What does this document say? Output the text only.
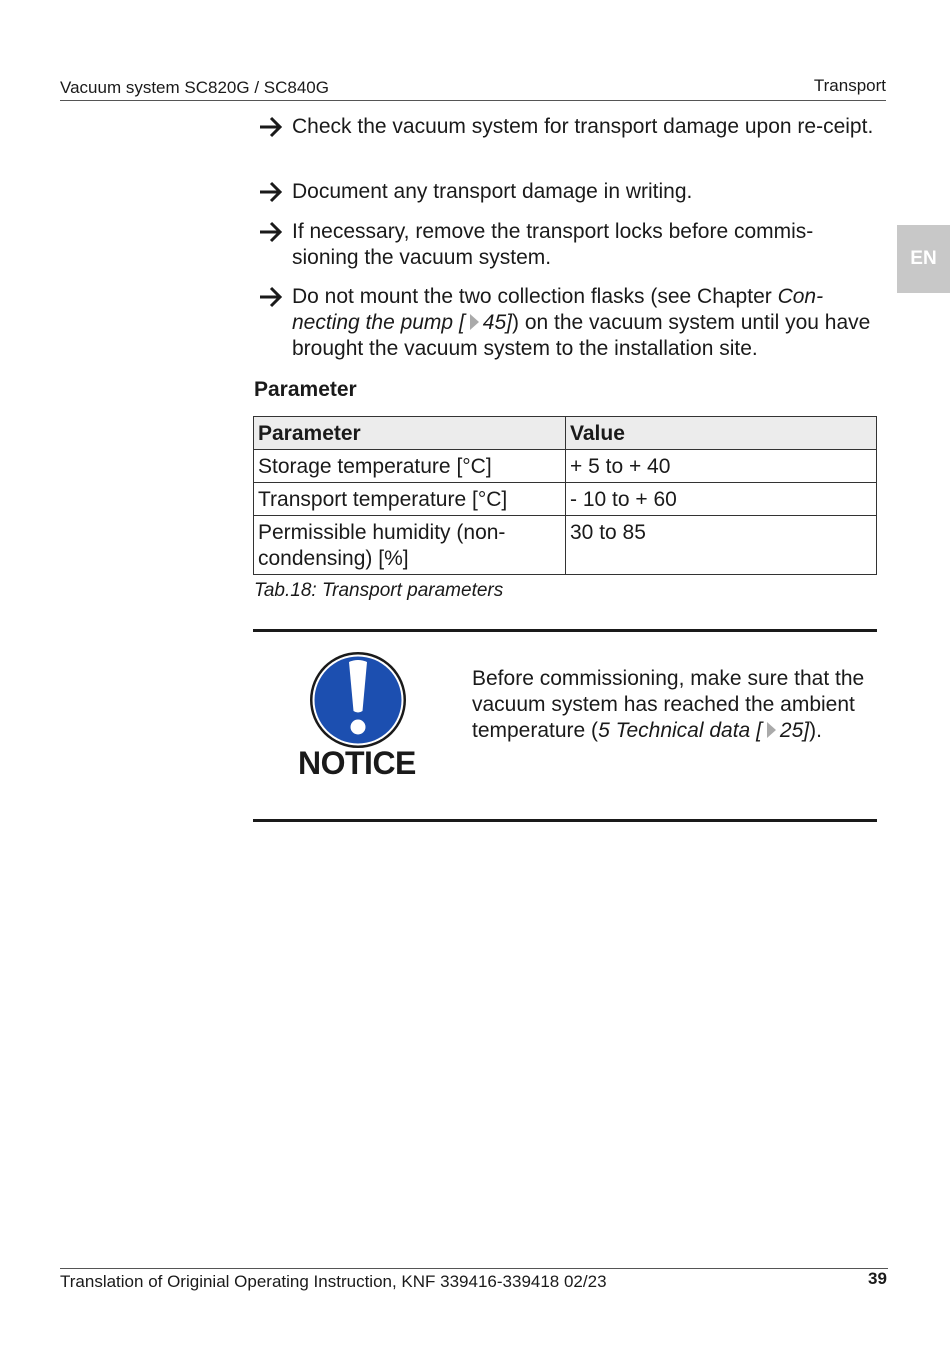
Vacuum system SC820G / SC840G	Transport
EN
Check the vacuum system for transport damage upon re-ceipt.
Document any transport damage in writing.
If necessary, remove the transport locks before commis-sioning the vacuum system.
Do not mount the two collection flasks (see Chapter Con-necting the pump [ 45]) on the vacuum system until you have brought the vacuum system to the installation site.
Parameter
Parameter	Value
Storage temperature [°C]	+ 5 to + 40
Transport temperature [°C]	- 10 to + 60
Permissible humidity (non-condensing) [%]	30 to 85
Tab.18: Transport parameters
NOTICE
Before commissioning, make sure that the vacuum system has reached the ambient temperature (5 Technical data [ 25]).
Translation of Originial Operating Instruction, KNF 339416-339418 02/23	39
